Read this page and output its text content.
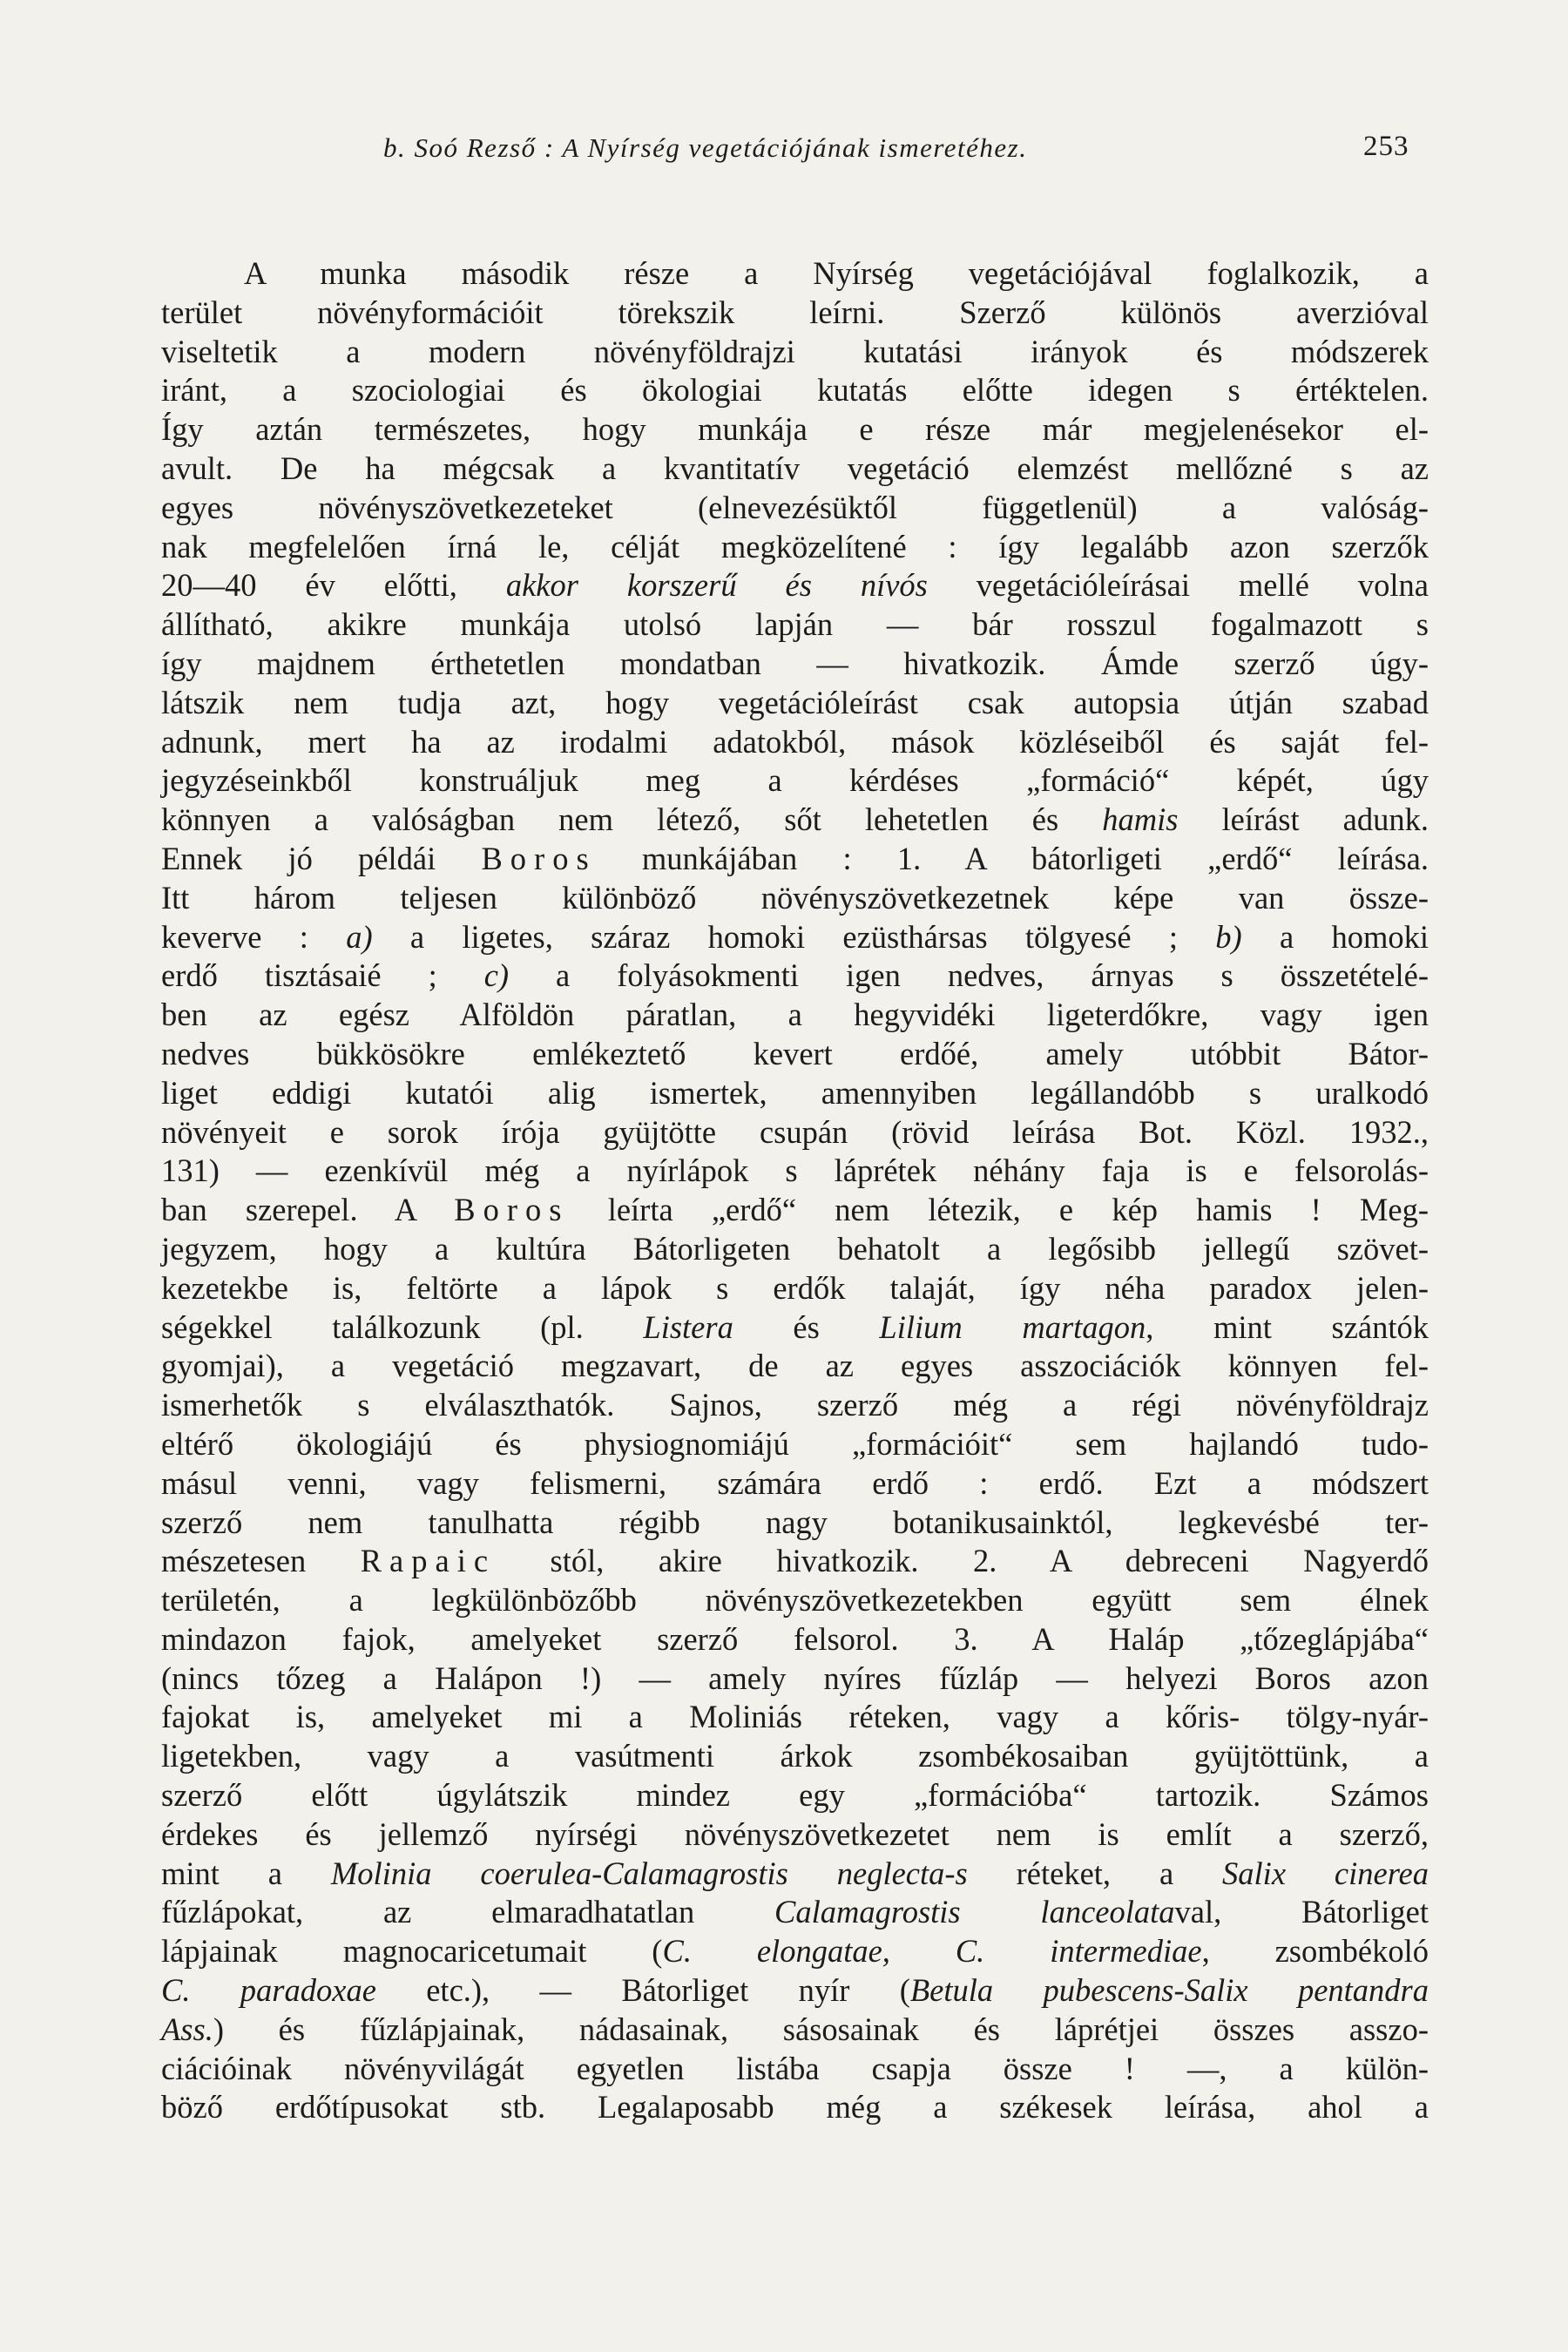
b. Soó Rezső : A Nyírség vegetációjának ismeretéhez.	253
A munka második része a Nyírség vegetációjával foglalkozik, a
terület növényformációit törekszik leírni. Szerző különös averzióval
viseltetik a modern növényföldrajzi kutatási irányok és módszerek
iránt, a szociologiai és ökologiai kutatás előtte idegen s értéktelen.
Így aztán természetes, hogy munkája e része már megjelenésekor el-
avult. De ha mégcsak a kvantitatív vegetáció elemzést mellőzné s az
egyes növényszövetkezeteket (elnevezésüktől függetlenül) a valóság-
nak megfelelően írná le, célját megközelítené : így legalább azon szerzők
20—40 év előtti, akkor korszerű és nívós vegetációleírásai mellé volna
állítható, akikre munkája utolsó lapján — bár rosszul fogalmazott s
így majdnem érthetetlen mondatban — hivatkozik. Ámde szerző úgy-
látszik nem tudja azt, hogy vegetációleírást csak autopsia útján szabad
adnunk, mert ha az irodalmi adatokból, mások közléseiből és saját fel-
jegyzéseinkből konstruáljuk meg a kérdéses „formáció“ képét, úgy
könnyen a valóságban nem létező, sőt lehetetlen és hamis leírást adunk.
Ennek jó példái Boros munkájában : 1. A bátorligeti „erdő“ leírása.
Itt három teljesen különböző növényszövetkezetnek képe van össze-
keverve : a) a ligetes, száraz homoki ezüsthársas tölgyesé ; b) a homoki
erdő tisztásaié ; c) a folyásokmenti igen nedves, árnyas s összetételé-
ben az egész Alföldön páratlan, a hegyvidéki ligeterdőkre, vagy igen
nedves bükkösökre emlékeztető kevert erdőé, amely utóbbit Bátor-
liget eddigi kutatói alig ismertek, amennyiben legállandóbb s uralkodó
növényeit e sorok írója gyüjtötte csupán (rövid leírása Bot. Közl. 1932.,
131) — ezenkívül még a nyírlápok s láprétek néhány faja is e felsorolás-
ban szerepel. A Boros leírta „erdő“ nem létezik, e kép hamis ! Meg-
jegyzem, hogy a kultúra Bátorligeten behatolt a legősibb jellegű szövet-
kezetekbe is, feltörte a lápok s erdők talaját, így néha paradox jelen-
ségekkel találkozunk (pl. Listera és Lilium martagon, mint szántók
gyomjai), a vegetáció megzavart, de az egyes asszociációk könnyen fel-
ismerhetők s elválaszthatók. Sajnos, szerző még a régi növényföldrajz
eltérő ökologiájú és physiognomiájú „formációit“ sem hajlandó tudo-
másul venni, vagy felismerni, számára erdő : erdő. Ezt a módszert
szerző nem tanulhatta régibb nagy botanikusainktól, legkevésbé ter-
mészetesen Rapaic stól, akire hivatkozik. 2. A debreceni Nagyerdő
területén, a legkülönbözőbb növényszövetkezetekben együtt sem élnek
mindazon fajok, amelyeket szerző felsorol. 3. A Haláp „tőzeglápjába“
(nincs tőzeg a Halápon !) — amely nyíres fűzláp — helyezi Boros azon
fajokat is, amelyeket mi a Moliniás réteken, vagy a kőris- tölgy-nyár-
ligetekben, vagy a vasútmenti árkok zsombékosaiban gyüjtöttünk, a
szerző előtt úgylátszik mindez egy „formációba“ tartozik. Számos
érdekes és jellemző nyírségi növényszövetkezetet nem is említ a szerző,
mint a Molinia coerulea-Calamagrostis neglecta-s réteket, a Salix cinerea
fűzlápokat, az elmaradhatatlan Calamagrostis lanceolataval, Bátorliget
lápjainak magnocaricetumait (C. elongatae, C. intermediae, zsombékoló
C. paradoxae etc.), — Bátorliget nyír (Betula pubescens-Salix pentandra
Ass.) és fűzlápjainak, nádasainak, sásosainak és láprétjei összes asszo-
ciációinak növényvilágát egyetlen listába csapja össze ! —, a külön-
böző erdőtípusokat stb. Legalaposabb még a székesek leírása, ahol a
